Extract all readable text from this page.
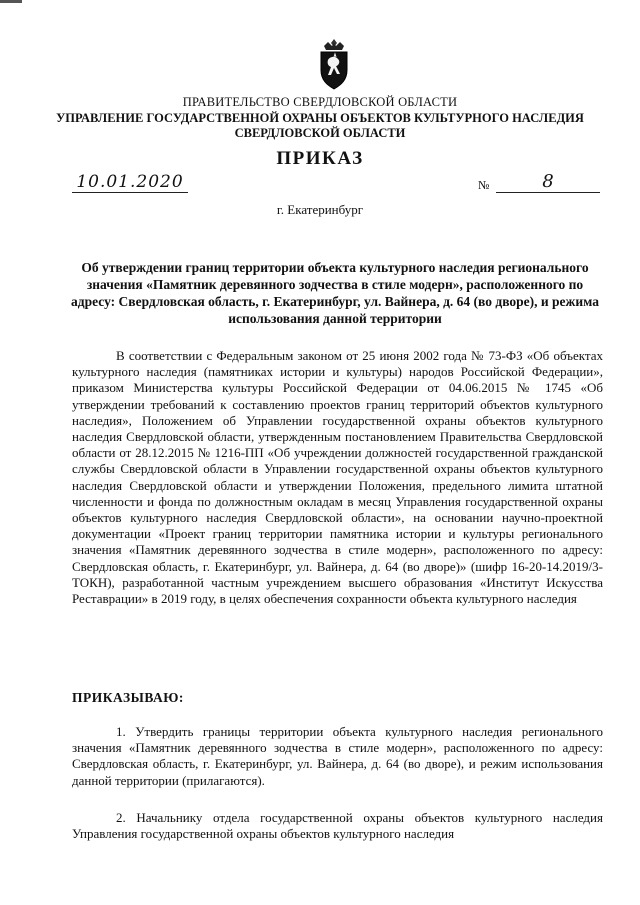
ПРАВИТЕЛЬСТВО СВЕРДЛОВСКОЙ ОБЛАСТИ
УПРАВЛЕНИЕ ГОСУДАРСТВЕННОЙ ОХРАНЫ ОБЪЕКТОВ КУЛЬТУРНОГО НАСЛЕДИЯ
СВЕРДЛОВСКОЙ ОБЛАСТИ
ПРИКАЗ
10.01.2020	№	8
г. Екатеринбург
Об утверждении границ территории объекта культурного наследия регионального значения «Памятник деревянного зодчества в стиле модерн», расположенного по адресу: Свердловская область, г. Екатеринбург, ул. Вайнера, д. 64 (во дворе), и режима использования данной территории

В соответствии с Федеральным законом от 25 июня 2002 года № 73-ФЗ «Об объектах культурного наследия (памятниках истории и культуры) народов Российской Федерации», приказом Министерства культуры Российской Федерации от 04.06.2015 № 1745 «Об утверждении требований к составлению проектов границ территорий объектов культурного наследия», Положением об Управлении государственной охраны объектов культурного наследия Свердловской области, утвержденным постановлением Правительства Свердловской области от 28.12.2015 № 1216-ПП «Об учреждении должностей государственной гражданской службы Свердловской области в Управлении государственной охраны объектов культурного наследия Свердловской области и утверждении Положения, предельного лимита штатной численности и фонда по должностным окладам в месяц Управления государственной охраны объектов культурного наследия Свердловской области», на основании научно-проектной документации «Проект границ территории памятника истории и культуры регионального значения «Памятник деревянного зодчества в стиле модерн», расположенного по адресу: Свердловская область, г. Екатеринбург, ул. Вайнера, д. 64 (во дворе)» (шифр 16-20-14.2019/3-ТОКН), разработанной частным учреждением высшего образования «Институт Искусства Реставрации» в 2019 году, в целях обеспечения сохранности объекта культурного наследия

ПРИКАЗЫВАЮ:

1. Утвердить границы территории объекта культурного наследия регионального значения «Памятник деревянного зодчества в стиле модерн», расположенного по адресу: Свердловская область, г. Екатеринбург, ул. Вайнера, д. 64 (во дворе), и режим использования данной территории (прилагаются).

2. Начальнику отдела государственной охраны объектов культурного наследия Управления государственной охраны объектов культурного наследия
